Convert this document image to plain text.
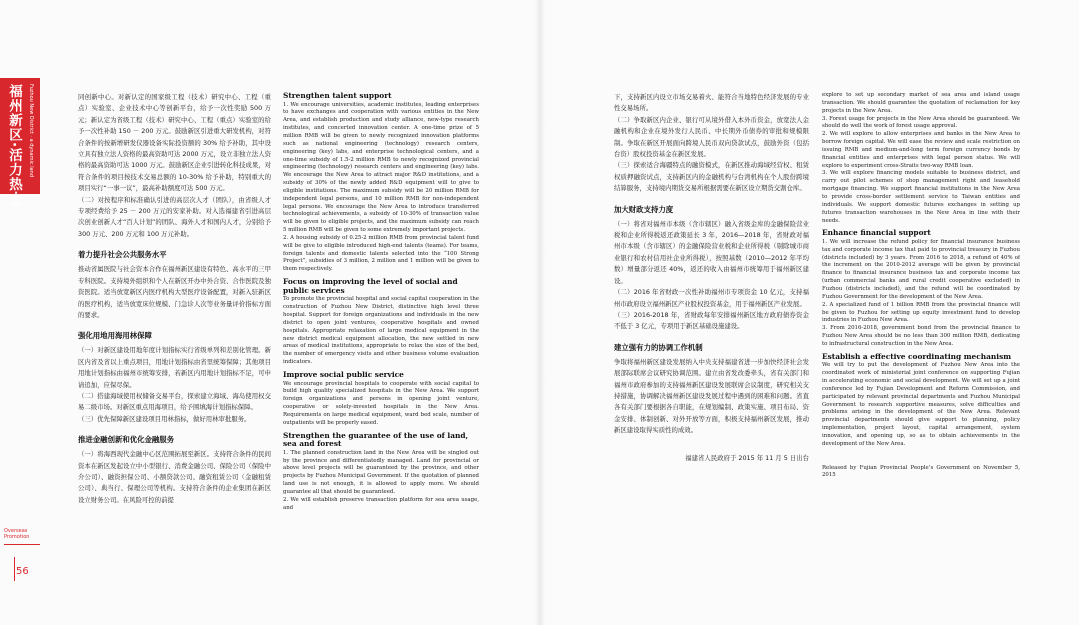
福州新区·活力热土	Fuzhou New District · a dynamic land
Overseas Promotion
56

同创新中心。对新认定的国家级工程（技术）研究中心、工程（重点）实验室、企业技术中心等创新平台，给予一次性奖励 500 万元；新认定为省级工程（技术）研究中心、工程（重点）实验室的给予一次性补助 150 － 200 万元。鼓励新区引进重大研发机构，对符合条件的按新增研发仪器设备实际投资额的 30% 给予补助，其中设立具有独立法人资格的最高资助可达 2000 万元，设立非独立法人资格的最高资助可达 1000 万元。鼓励新区企业引进转化科技成果，对符合条件的项目按技术交易总额的 10-30% 给予补助，特别重大的项目实行“一事一议”，最高补助额度可达 500 万元。

（二）对按程序和标准确认引进的高层次人才（团队），由省级人才专项经费给予 25 － 200 万元的安家补助。对入选福建省引进高层次创业创新人才“百人计划”的团队、海外人才和国内人才，分别给予 300 万元、200 万元和 100 万元补助。

着力提升社会公共服务水平

推动省属医院与社会资本合作在福州新区建设有特色、高水平的三甲专科医院。支持境外组织和个人在新区开办中外合资、合作医院及独资医院。适当放宽新区内医疗机构大型医疗设备配置，对新入驻新区的医疗机构，适当放宽床位规模、门急诊人次等业务量评价指标方面的要求。

强化用地用海用林保障

（一）对新区建设用地年度计划指标实行省级单列和差别化管理。新区内省及省以上重点项目，用地计划指标由省里统筹保障；其他项目用地计划指标由福州市统筹安排，若新区内用地计划指标不足，可申请追加，应保尽保。

（二）搭建海域使用权储备交易平台，探索建立海域、海岛使用权交易二级市场。对新区重点用海项目，给予围填海计划指标保障。

（三）优先保障新区建设项目用林指标，做好用林审批服务。

推进金融创新和优化金融服务

（一）将海西现代金融中心区范围拓展至新区。支持符合条件的民间资本在新区发起设立中小型银行、消费金融公司、保险公司（保险中介公司）、融资担保公司、小额贷款公司、融资租赁公司（金融租赁公司）、典当行、保理公司等机构。支持符合条件的企业集团在新区设立财务公司。在风险可控的前提

Strengthen talent support

1. We encourage universities, academic institutes, leading enterprises to have exchanges and cooperation with various entities in the New Area, and establish production and study alliance, new-type research institutes, and concerted innovation center. A one-time prize of 5 million RMB will be given to newly recognized innovation platforms such as national engineering (technology) research centers, engineering (key) labs, and enterprise technological centers, and a one-time subsidy of 1.5-2 million RMB to newly recognized provincial engineering (technology) research centers and engineering (key) labs. We encourage the New Area to attract major R&D institutions, and a subsidy of 30% of the newly added R&D equipment will to give to eligible institutions. The maximum subsidy will be 20 million RMB for independent legal persons, and 10 million RMB for non-independent legal persons. We encourage the New Area to introduce transferred technological achievements, a subsidy of 10-30% of transaction value will be given to eligible projects, and the maximum subsidy can reach 5 million RMB will be given to some extremely important projects.

2. A housing subsidy of 0.25-2 million RMB from provincial talent fund will be give to eligible introduced high-end talents (teams). For teams, foreign talents and domestic talents selected into the “100 Strong Project”, subsidies of 3 million, 2 million and 1 million will be given to them respectively.

Focus on improving the level of social and public services

To promote the provincial hospital and social capital cooperation in the construction of Fuzhou New District, distinctive high level three hospital. Support for foreign organizations and individuals in the new district to open joint ventures, cooperative hospitals and owned hospitals. Appropriate relaxation of large medical equipment in the new district medical equipment allocation, the new settled in new areas of medical institutions, appropriate to relax the size of the bed, the number of emergency visits and other business volume evaluation indicators.

Improve social public service

We encourage provincial hospitals to cooperate with social capital to build high quality specialized hospitals in the New Area. We support foreign organizations and persons in opening joint venture, cooperative or solely-invested hospitals in the New Area. Requirements on large medical equipment, ward bed scale, number of outpatients will be properly eased.

Strengthen the guarantee of the use of land, sea and forest

1. The planned construction land in the New Area will be singled out by the province and differentiatedly managed. Land for provincial or above level projects will be guaranteed by the province, and other projects by Fuzhou Municipal Government. If the quotation of planned land use is not enough, it is allowed to apply more. We should guarantee all that should be guaranteed.

2. We will establish preserve transaction platform for sea area usage, and

下，支持新区内设立市场交易着火、能符合当地特色经济发展的专业性交易场所。

（二）争取新区内企业、银行可从境外借入本外币资金，放宽法人金融机构和企业在境外发行人民币、中长期外币债券的审批和规模限制。争取在新区开展面向跨境人民币双向贷款试点，鼓励外资（包括台资）股权投资基金在新区发展。

（三）探索适合海疆特点的融资模式，在新区推动海域经营权、租赁权质押融资试点，支持新区内的金融机构与台湾机构在个人股份跨境结算服务，支持境内期货交易所根据需要在新区设立期货交割仓库。

加大财政支持力度

（一）将省对福州市本级（含市辖区）融入省级金库的金融保险营业税和企业所得税返还政策延长 3 年，2016—2018 年，省财政对福州市本级（含市辖区）的金融保险营业税和企业所得税（剔除城市商业银行和农村信用社企业所得税），按照基数（2010—2012 年平均数）增量部分返还 40%，返还的收入由福州市统筹用于福州新区建设。

（二）2016 年省财政一次性补助福州市专项资金 10 亿元，支持福州市政府设立福州新区产业股权投资基金，用于福州新区产业发展。

（三）2016-2018 年，省财政每年安排福州新区地方政府债券资金不低于 3 亿元，专项用于新区基础设施建设。

建立强有力的协调工作机制

争取将福州新区建设发展纳入中央支持福建省进一步加快经济社会发展部际联席会议研究协调范围。建立由省发改委牵头，省有关部门和福州市政府参加的支持福州新区建设发展联席会议制度，研究相关支持措施，协调解决福州新区建设发展过程中遇到的困难和问题。省直各有关部门要根据各自职能，在规划编制、政策实施、项目布局、资金安排、体制创新、对外开放等方面，积极支持福州新区发展，推动新区建设取得实质性的成效。

福建省人民政府于 2015 年 11 月 5 日出台

explore to set up secondary market of sea area and island usage transaction. We should guarantee the quotation of reclamation for key projects in the New Area.

3. Forest usage for projects in the New Area should be guaranteed. We should do well the work of forest usage approval.

2. We will explore to allow enterprises and banks in the New Area to borrow foreign capital. We will ease the review and scale restriction on issuing RMB and medium-and-long term foreign currency bonds by financial entities and enterprises with legal person status. We will explore to experiment cross-Straits two-way RMB loan.

3. We will explore financing models suitable to business district, and carry out pilot schemes of shop management right and leasehold mortgage financing. We support financial institutions in the New Area to provide cross-border settlement service to Taiwan entities and individuals. We support domestic futures exchanges in setting up futures transaction warehouses in the New Area in line with their needs.

Enhance financial support

1. We will increase the refund policy for financial insurance business tax and corporate income tax that paid to provincial treasury in Fuzhou (districts included) by 3 years. From 2016 to 2018, a refund of 40% of the increment on the 2010-2012 average will be given by provincial finance to financial insurance business tax and corporate income tax (urban commercial banks and rural credit cooperative excluded) in Fuzhou (districts included), and the refund will be coordinated by Fuzhou Government for the development of the New Area.

2. A specialized fund of 1 billion RMB from the provincial finance will be given to Fuzhou for setting up equity investment fund to develop industries in Fuzhou New Area.

3. From 2016-2018, government bond from the provincial finance to Fuzhou New Area should be no less than 300 million RMB, dedicating to infrastructural construction in the New Area.

Establish a effective coordinating mechanism

We will try to put the development of Fuzhou New Area into the coordinated work of ministerial joint conference on supporting Fujian in accelerating economic and social development. We will set up a joint conference led by Fujian Development and Reform Commission, and participated by relevant provincial departments and Fuzhou Municipal Government to research supportive measures, solve difficulties and problems arising in the development of the New Area. Relevant provincial departments should give support to planning, policy implementation, project layout, capital arrangement, system innovation, and opening up, so as to obtain achievements in the development of the New Area.

Released by Fujian Provincial People’s Government on November 5, 2015
